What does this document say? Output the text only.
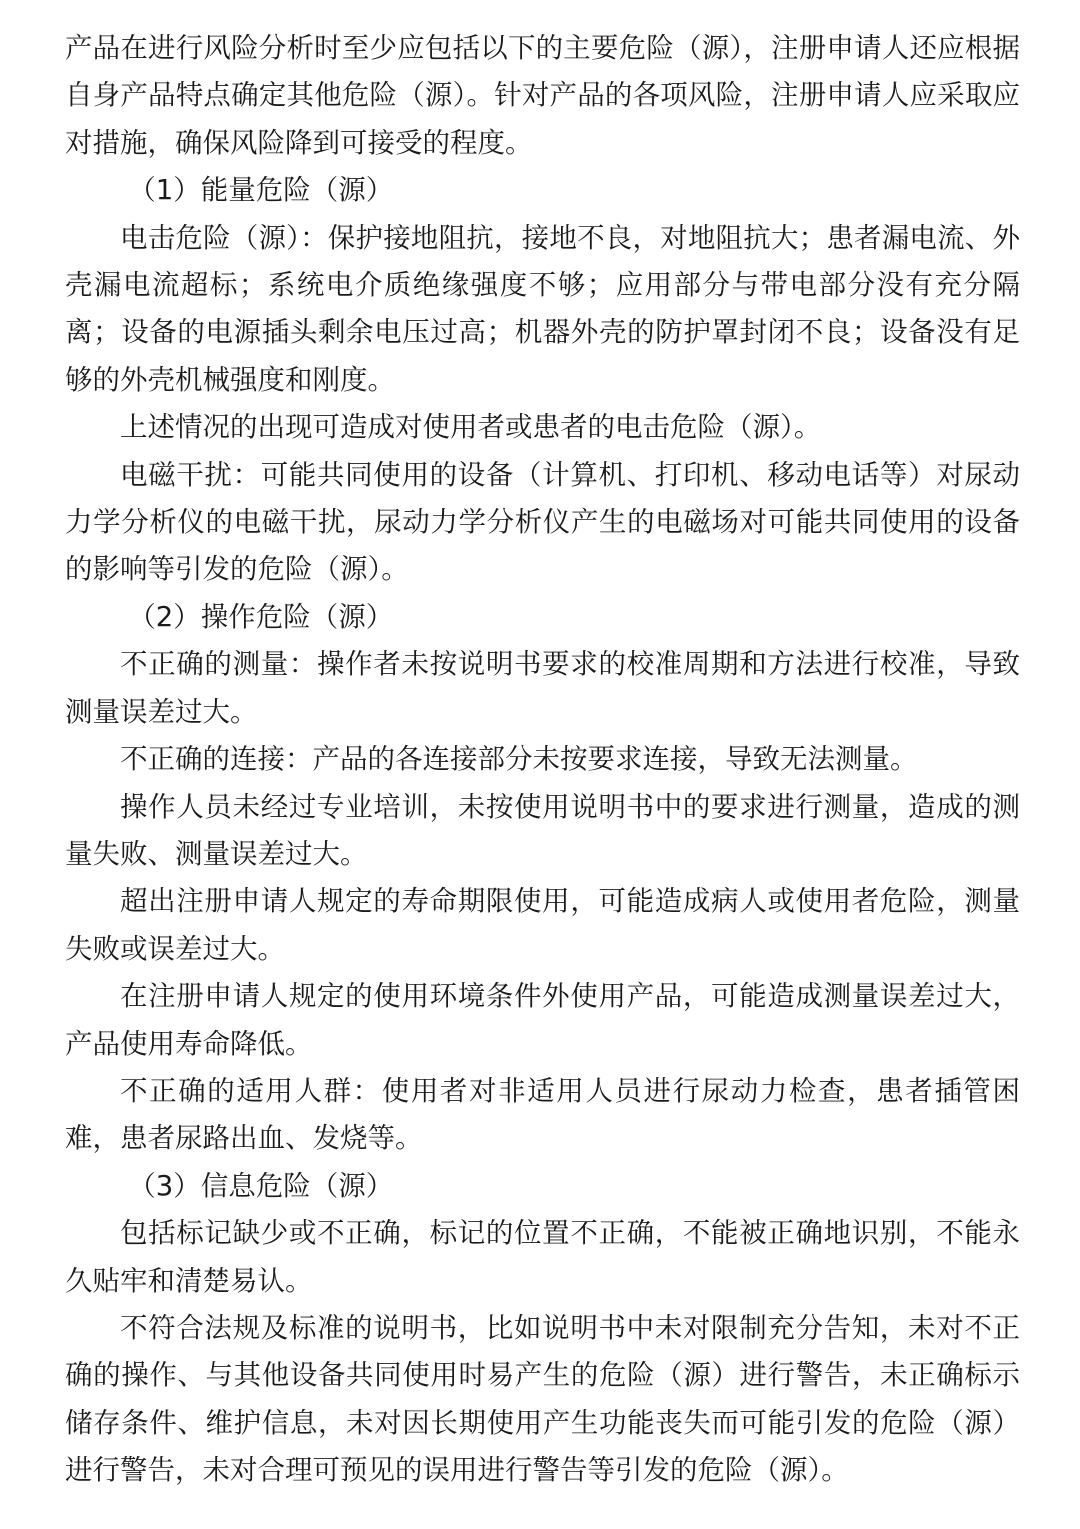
产品在进行风险分析时至少应包括以下的主要危险（源），注册申请人还应根据自身产品特点确定其他危险（源）。针对产品的各项风险，注册申请人应采取应对措施，确保风险降到可接受的程度。

（1）能量危险（源）

电击危险（源）：保护接地阻抗，接地不良，对地阻抗大；患者漏电流、外壳漏电流超标；系统电介质绝缘强度不够；应用部分与带电部分没有充分隔离；设备的电源插头剩余电压过高；机器外壳的防护罩封闭不良；设备没有足够的外壳机械强度和刚度。

上述情况的出现可造成对使用者或患者的电击危险（源）。

电磁干扰：可能共同使用的设备（计算机、打印机、移动电话等）对尿动力学分析仪的电磁干扰，尿动力学分析仪产生的电磁场对可能共同使用的设备的影响等引发的危险（源）。

（2）操作危险（源）

不正确的测量：操作者未按说明书要求的校准周期和方法进行校准，导致测量误差过大。

不正确的连接：产品的各连接部分未按要求连接，导致无法测量。

操作人员未经过专业培训，未按使用说明书中的要求进行测量，造成的测量失败、测量误差过大。

超出注册申请人规定的寿命期限使用，可能造成病人或使用者危险，测量失败或误差过大。

在注册申请人规定的使用环境条件外使用产品，可能造成测量误差过大，产品使用寿命降低。

不正确的适用人群：使用者对非适用人员进行尿动力检查，患者插管困难，患者尿路出血、发烧等。

（3）信息危险（源）

包括标记缺少或不正确，标记的位置不正确，不能被正确地识别，不能永久贴牢和清楚易认。

不符合法规及标准的说明书，比如说明书中未对限制充分告知，未对不正确的操作、与其他设备共同使用时易产生的危险（源）进行警告，未正确标示储存条件、维护信息，未对因长期使用产生功能丧失而可能引发的危险（源）进行警告，未对合理可预见的误用进行警告等引发的危险（源）。
